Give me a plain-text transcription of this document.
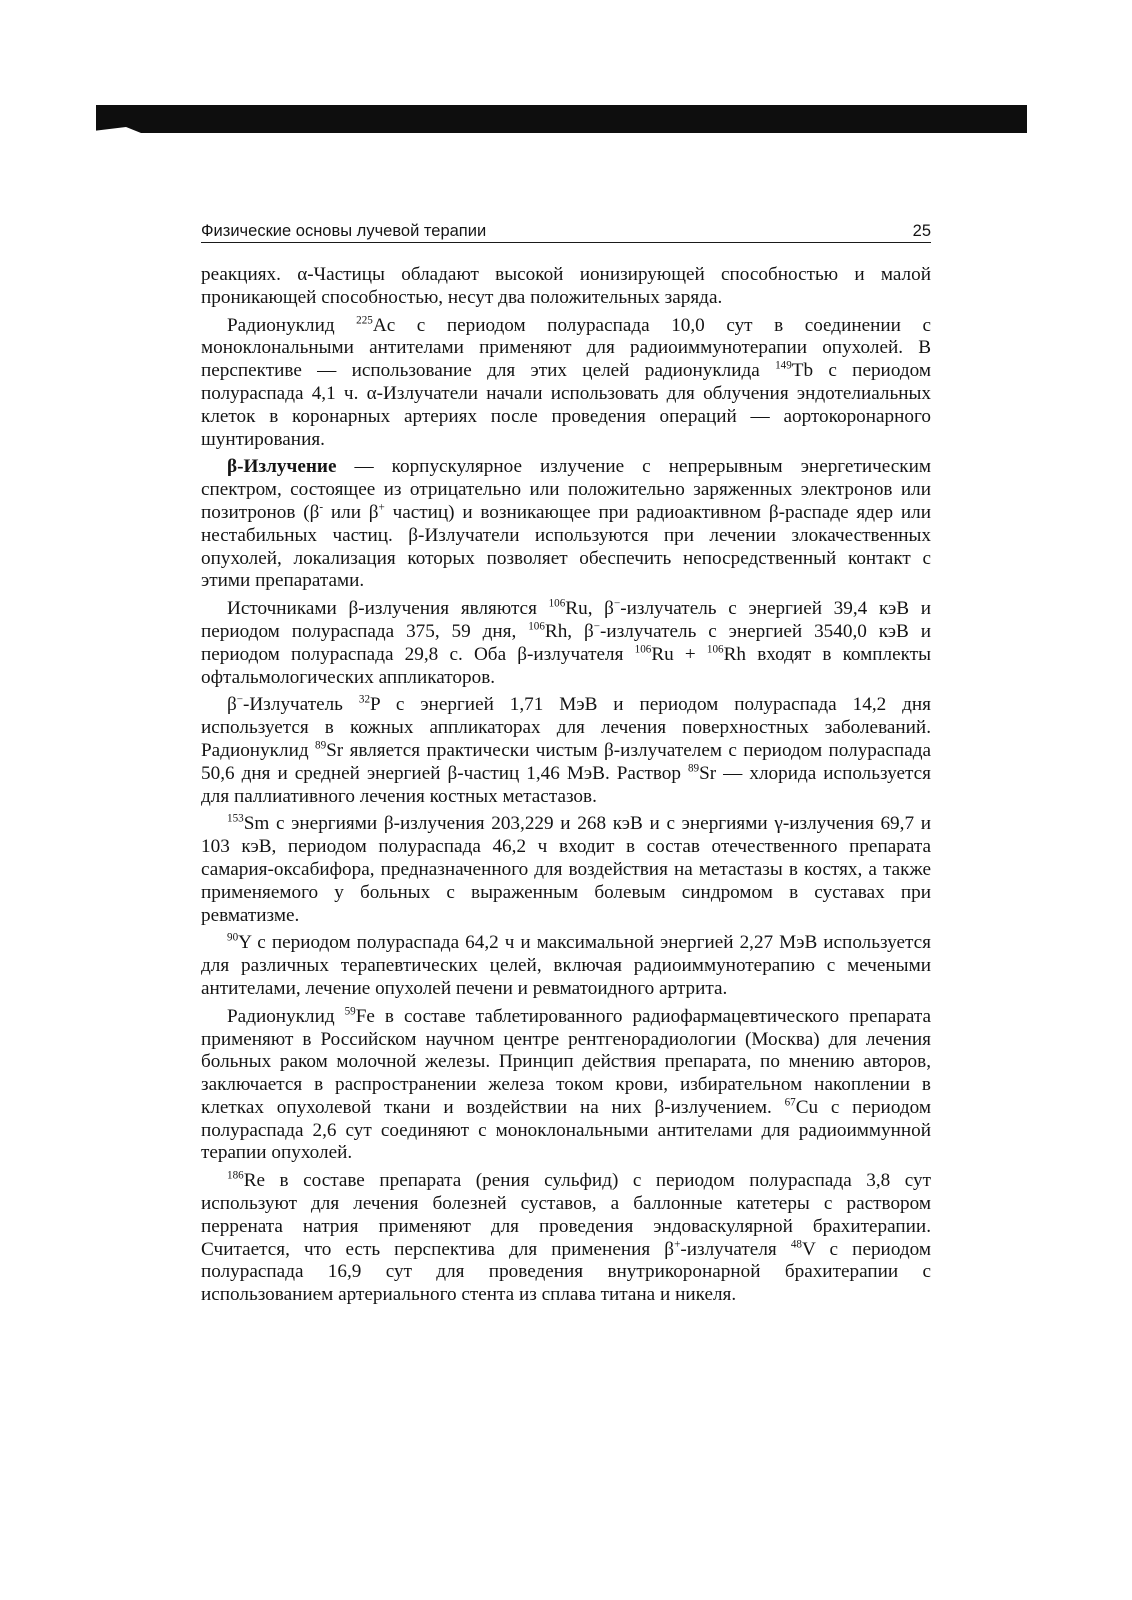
Физические основы лучевой терапии	25

реакциях. α-Частицы обладают высокой ионизирующей способностью и малой проникающей способностью, несут два положительных заряда.

Радионуклид $^{225}$Ac с периодом полураспада 10,0 сут в соединении с моноклональными антителами применяют для радиоиммунотерапии опухолей. В перспективе — использование для этих целей радионуклида $^{149}$Tb с периодом полураспада 4,1 ч. α-Излучатели начали использовать для облучения эндотелиальных клеток в коронарных артериях после проведения операций — аортокоронарного шунтирования.

β-Излучение — корпускулярное излучение с непрерывным энергетическим спектром, состоящее из отрицательно или положительно заряженных электронов или позитронов (β- или β+ частиц) и возникающее при радиоактивном β-распаде ядер или нестабильных частиц. β-Излучатели используются при лечении злокачественных опухолей, локализация которых позволяет обеспечить непосредственный контакт с этими препаратами.

Источниками β-излучения являются $^{106}$Ru, β−-излучатель с энергией 39,4 кэВ и периодом полураспада 375, 59 дня, $^{106}$Rh, β−-излучатель с энергией 3540,0 кэВ и периодом полураспада 29,8 с. Оба β-излучателя $^{106}$Ru + $^{106}$Rh входят в комплекты офтальмологических аппликаторов.

β−-Излучатель $^{32}$P с энергией 1,71 МэВ и периодом полураспада 14,2 дня используется в кожных аппликаторах для лечения поверхностных заболеваний. Радионуклид $^{89}$Sr является практически чистым β-излучателем с периодом полураспада 50,6 дня и средней энергией β-частиц 1,46 МэВ. Раствор $^{89}$Sr — хлорида используется для паллиативного лечения костных метастазов.

$^{153}$Sm с энергиями β-излучения 203,229 и 268 кэВ и с энергиями γ-излучения 69,7 и 103 кэВ, периодом полураспада 46,2 ч входит в состав отечественного препарата самария-оксабифора, предназначенного для воздействия на метастазы в костях, а также применяемого у больных с выраженным болевым синдромом в суставах при ревматизме.

$^{90}$Y с периодом полураспада 64,2 ч и максимальной энергией 2,27 МэВ используется для различных терапевтических целей, включая радиоиммунотерапию с мечеными антителами, лечение опухолей печени и ревматоидного артрита.

Радионуклид $^{59}$Fe в составе таблетированного радиофармацевтического препарата применяют в Российском научном центре рентгенорадиологии (Москва) для лечения больных раком молочной железы. Принцип действия препарата, по мнению авторов, заключается в распространении железа током крови, избирательном накоплении в клетках опухолевой ткани и воздействии на них β-излучением. $^{67}$Cu с периодом полураспада 2,6 сут соединяют с моноклональными антителами для радиоиммунной терапии опухолей.

$^{186}$Re в составе препарата (рения сульфид) с периодом полураспада 3,8 сут используют для лечения болезней суставов, а баллонные катетеры с раствором перрената натрия применяют для проведения эндоваскулярной брахитерапии. Считается, что есть перспектива для применения β+-излучателя $^{48}$V с периодом полураспада 16,9 сут для проведения внутрикоронарной брахитерапии с использованием артериального стента из сплава титана и никеля.
